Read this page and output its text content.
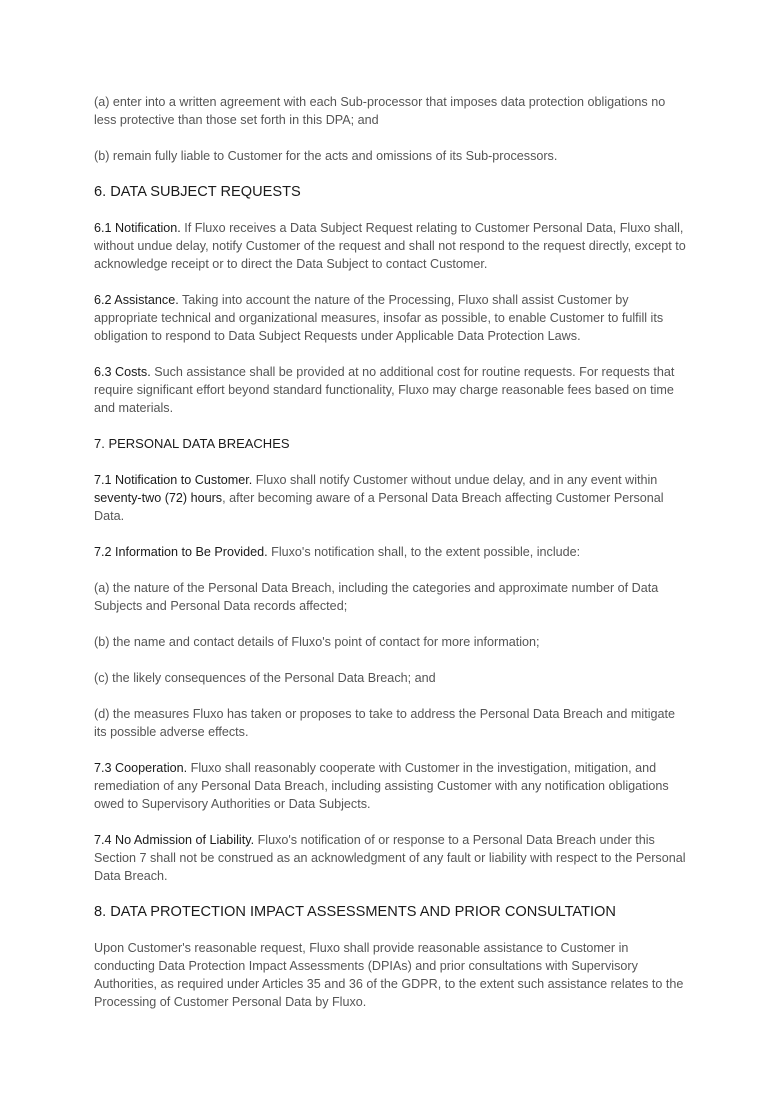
(a) enter into a written agreement with each Sub-processor that imposes data protection obligations no less protective than those set forth in this DPA; and

(b) remain fully liable to Customer for the acts and omissions of its Sub-processors.

6. DATA SUBJECT REQUESTS

6.1 Notification. If Fluxo receives a Data Subject Request relating to Customer Personal Data, Fluxo shall, without undue delay, notify Customer of the request and shall not respond to the request directly, except to acknowledge receipt or to direct the Data Subject to contact Customer.

6.2 Assistance. Taking into account the nature of the Processing, Fluxo shall assist Customer by appropriate technical and organizational measures, insofar as possible, to enable Customer to fulfill its obligation to respond to Data Subject Requests under Applicable Data Protection Laws.

6.3 Costs. Such assistance shall be provided at no additional cost for routine requests. For requests that require significant effort beyond standard functionality, Fluxo may charge reasonable fees based on time and materials.

7. PERSONAL DATA BREACHES

7.1 Notification to Customer. Fluxo shall notify Customer without undue delay, and in any event within seventy-two (72) hours, after becoming aware of a Personal Data Breach affecting Customer Personal Data.

7.2 Information to Be Provided. Fluxo's notification shall, to the extent possible, include:

(a) the nature of the Personal Data Breach, including the categories and approximate number of Data Subjects and Personal Data records affected;

(b) the name and contact details of Fluxo's point of contact for more information;

(c) the likely consequences of the Personal Data Breach; and

(d) the measures Fluxo has taken or proposes to take to address the Personal Data Breach and mitigate its possible adverse effects.

7.3 Cooperation. Fluxo shall reasonably cooperate with Customer in the investigation, mitigation, and remediation of any Personal Data Breach, including assisting Customer with any notification obligations owed to Supervisory Authorities or Data Subjects.

7.4 No Admission of Liability. Fluxo's notification of or response to a Personal Data Breach under this Section 7 shall not be construed as an acknowledgment of any fault or liability with respect to the Personal Data Breach.

8. DATA PROTECTION IMPACT ASSESSMENTS AND PRIOR CONSULTATION

Upon Customer's reasonable request, Fluxo shall provide reasonable assistance to Customer in conducting Data Protection Impact Assessments (DPIAs) and prior consultations with Supervisory Authorities, as required under Articles 35 and 36 of the GDPR, to the extent such assistance relates to the Processing of Customer Personal Data by Fluxo.
